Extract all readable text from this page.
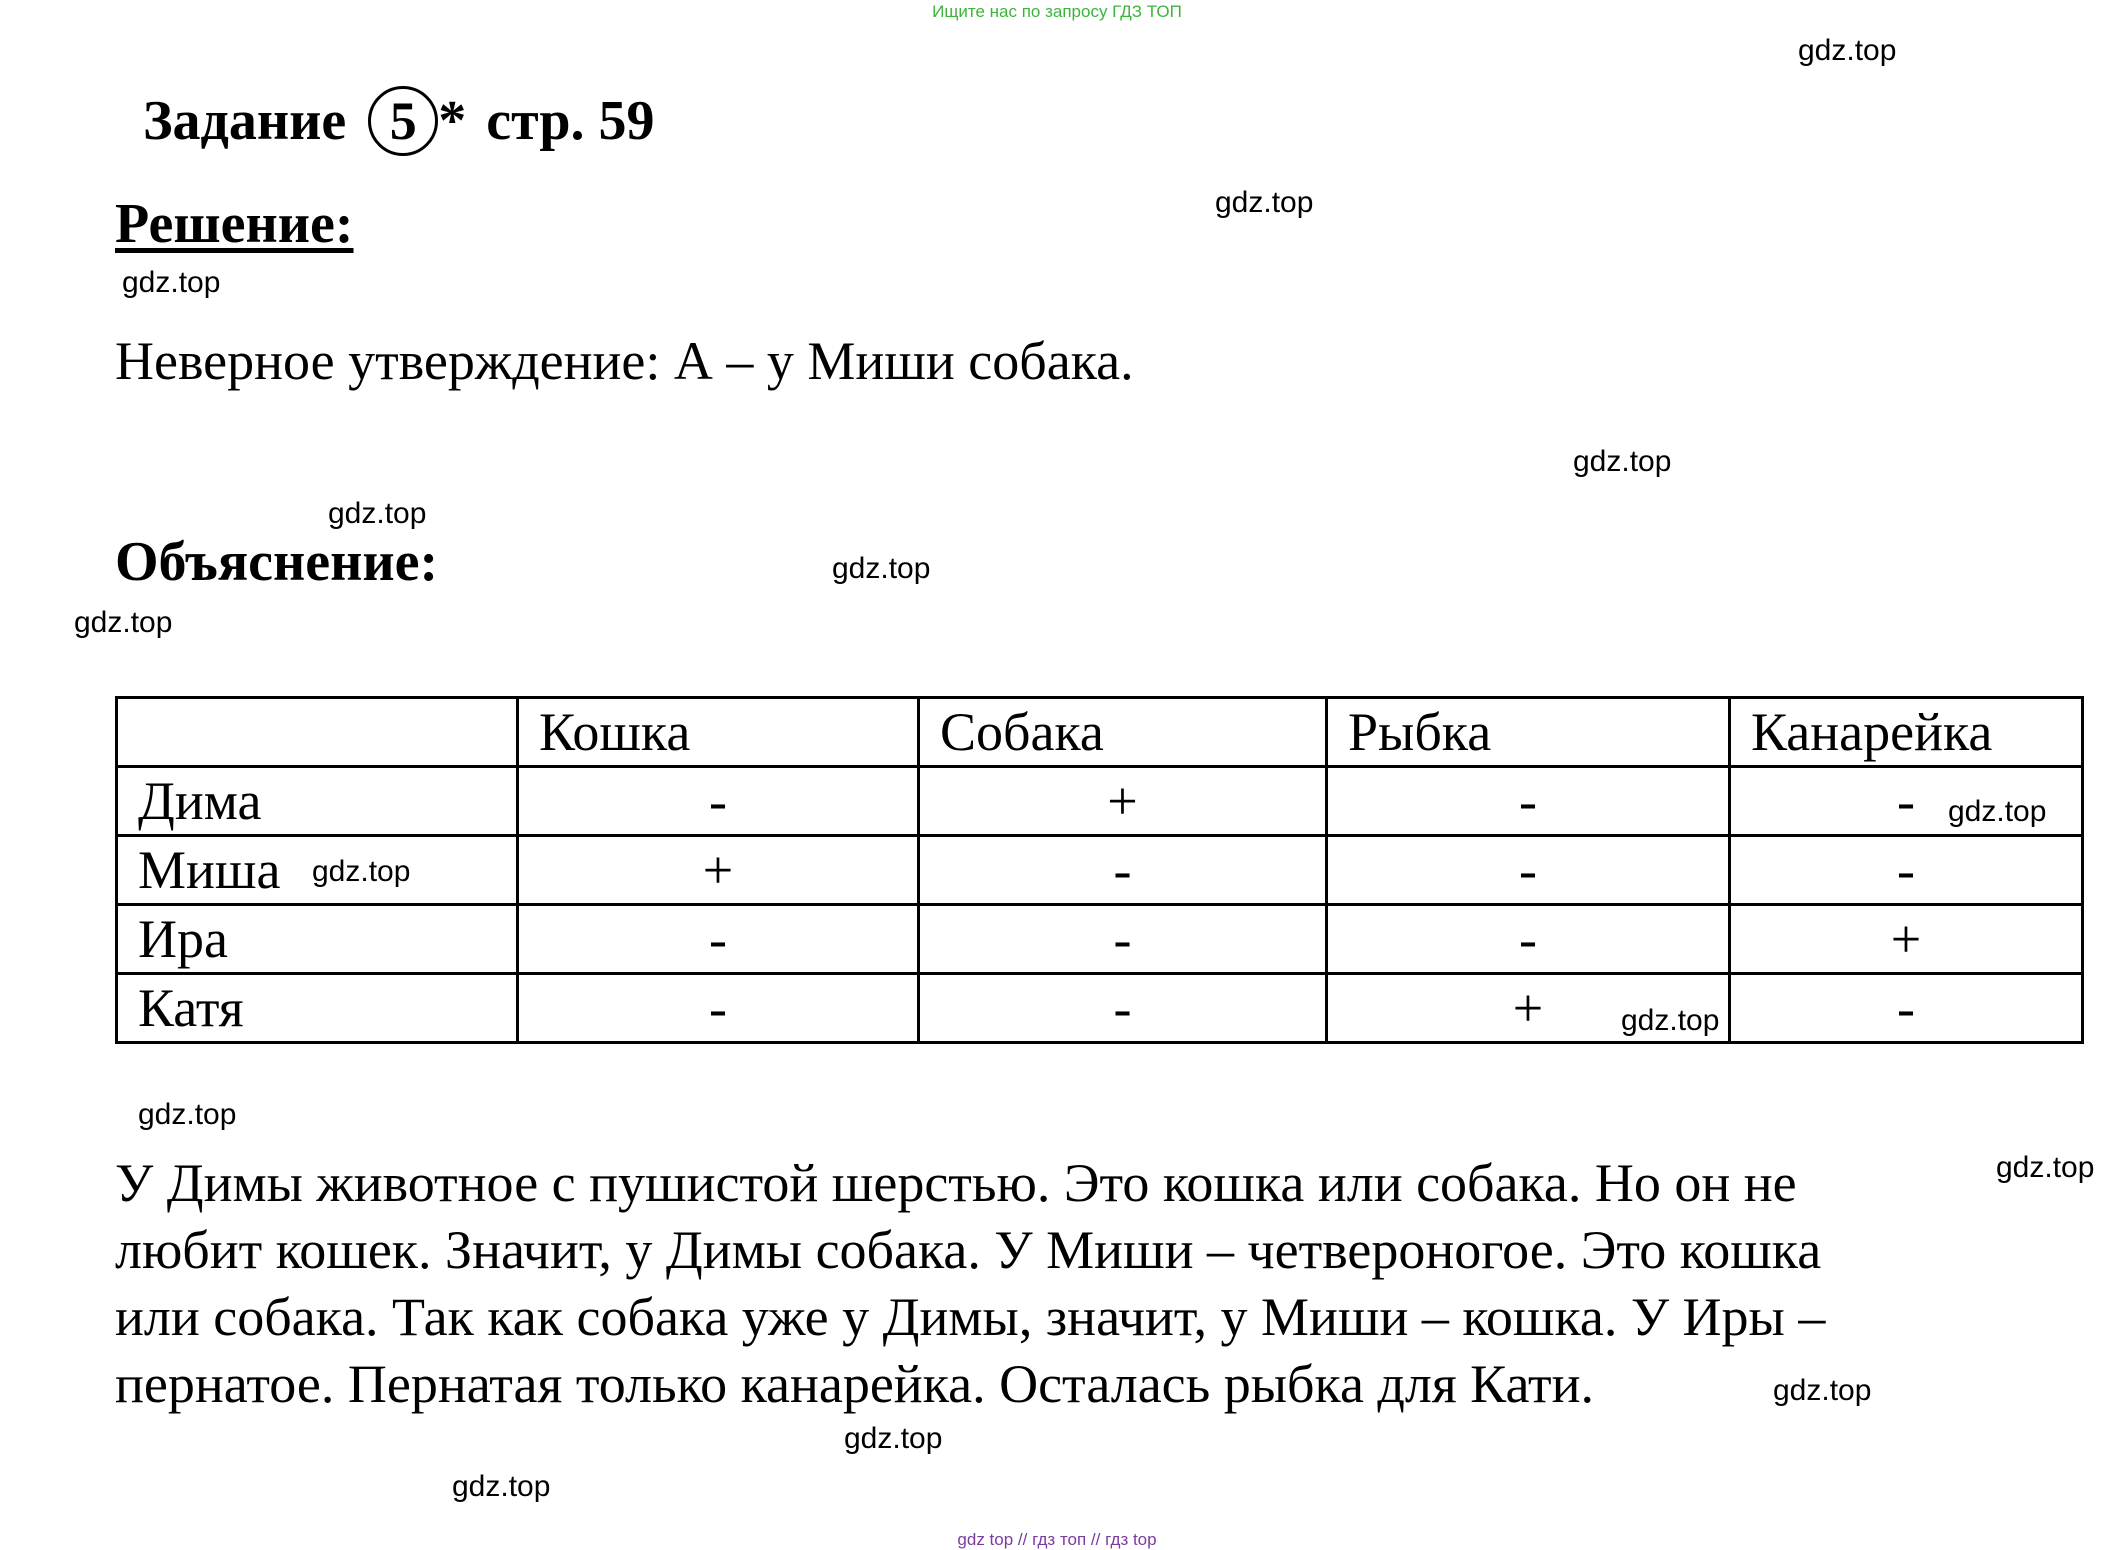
Ищите нас по запросу ГДЗ ТОП
Задание 5 * стр. 59
Решение:
Неверное утверждение: А – у Миши собака.
Объяснение:
	Кошка	Собака	Рыбка	Канарейка
Дима	-	+	-	-
Миша	+	-	-	-
Ира	-	-	-	+
Катя	-	-	+	-

У Димы животное с пушистой шерстью. Это кошка или собака. Но он не

любит кошек. Значит, у Димы собака. У Миши – четвероногое. Это кошка

или собака. Так как собака уже у Димы, значит, у Миши – кошка. У Иры –

пернатое. Пернатая только канарейка. Осталась рыбка для Кати.

gdz.top
gdz.top
gdz.top
gdz.top
gdz.top
gdz.top
gdz.top
gdz.top
gdz.top
gdz.top
gdz.top
gdz.top
gdz.top
gdz.top
gdz.top
gdz top // гдз топ // гдз top
